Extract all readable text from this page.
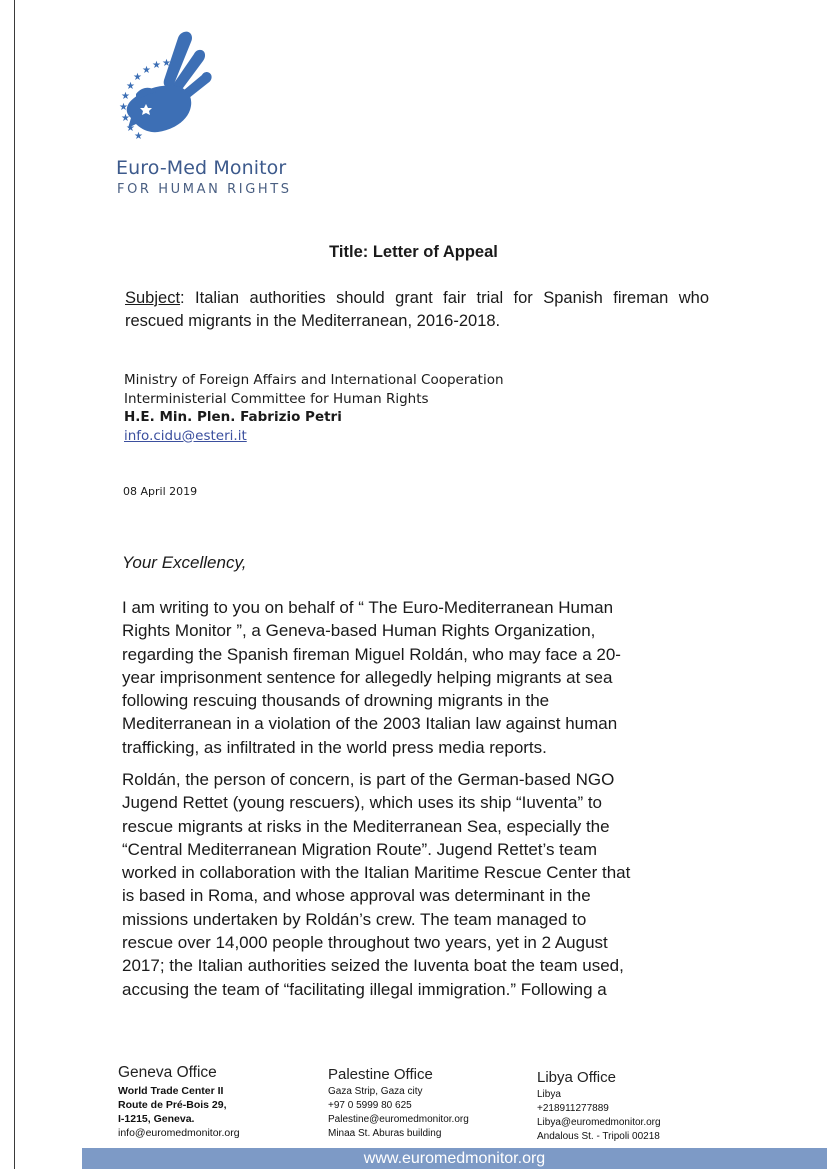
★
★
★
★
★
★
★
★
★
★
Euro-Med Monitor
FOR HUMAN RIGHTS
Title: Letter of Appeal
Subject: Italian authorities should grant fair trial for Spanish fireman who rescued migrants in the Mediterranean, 2016-2018.
Ministry of Foreign Affairs and International Cooperation
Interministerial Committee for Human Rights
H.E. Min. Plen. Fabrizio Petri
info.cidu@esteri.it
08 April 2019
Your Excellency,
I am writing to you on behalf of “ The Euro-Mediterranean Human
Rights Monitor ”, a Geneva-based Human Rights Organization,
regarding the Spanish fireman Miguel Roldán, who may face a 20-
year imprisonment sentence for allegedly helping migrants at sea
following rescuing thousands of drowning migrants in the
Mediterranean in a violation of the 2003 Italian law against human
trafficking, as infiltrated in the world press media reports.
Roldán, the person of concern, is part of the German-based NGO
Jugend Rettet (young rescuers), which uses its ship “Iuventa” to
rescue migrants at risks in the Mediterranean Sea, especially the
“Central Mediterranean Migration Route”. Jugend Rettet’s team
worked in collaboration with the Italian Maritime Rescue Center that
is based in Roma, and whose approval was determinant in the
missions undertaken by Roldán’s crew. The team managed to
rescue over 14,000 people throughout two years, yet in 2 August
2017; the Italian authorities seized the Iuventa boat the team used,
accusing the team of “facilitating illegal immigration.” Following a
Geneva Office
World Trade Center II
Route de Pré-Bois 29,
I-1215, Geneva.
info@euromedmonitor.org
Palestine Office
Gaza Strip, Gaza city
+97 0 5999 80 625
Palestine@euromedmonitor.org
Minaa St. Aburas building
Libya Office
Libya
+218911277889
Libya@euromedmonitor.org
Andalous St. - Tripoli 00218
www.euromedmonitor.org
